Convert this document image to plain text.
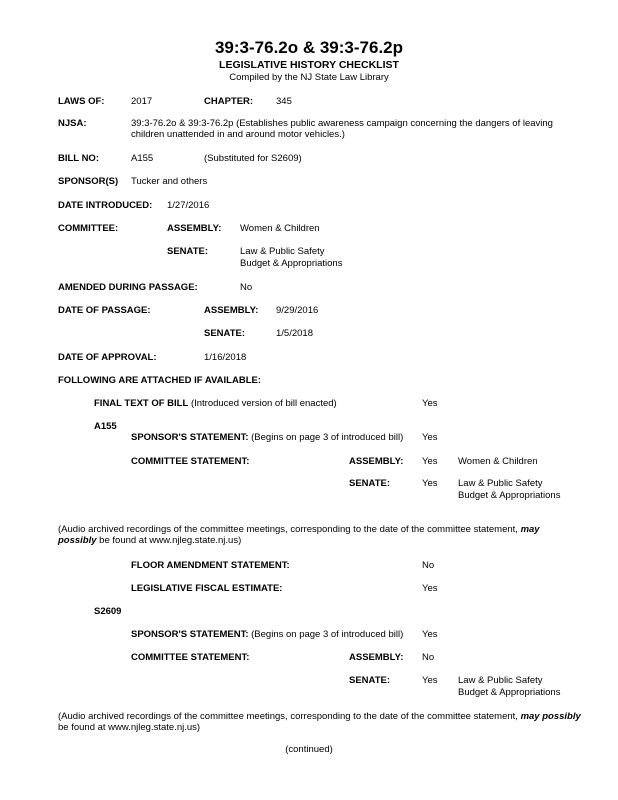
39:3-76.2o & 39:3-76.2p
LEGISLATIVE HISTORY CHECKLIST
Compiled by the NJ State Law Library
LAWS OF:	2017	CHAPTER: 345
NJSA:	39:3-76.2o & 39:3-76.2p (Establishes public awareness campaign concerning the dangers of leaving children unattended in and around motor vehicles.)
BILL NO:	A155	(Substituted for S2609)
SPONSOR(S) Tucker and others
DATE INTRODUCED: 1/27/2016
COMMITTEE:	ASSEMBLY: Women & Children
SENATE:	Law & Public Safety
Budget & Appropriations
AMENDED DURING PASSAGE:	No
DATE OF PASSAGE:	ASSEMBLY: 9/29/2016
SENATE:	1/5/2018
DATE OF APPROVAL:	1/16/2018
FOLLOWING ARE ATTACHED IF AVAILABLE:
FINAL TEXT OF BILL (Introduced version of bill enacted)	Yes
A155
SPONSOR'S STATEMENT: (Begins on page 3 of introduced bill) Yes
COMMITTEE STATEMENT:	ASSEMBLY: Yes Women & Children
SENATE:	Yes Law & Public Safety
Budget & Appropriations
(Audio archived recordings of the committee meetings, corresponding to the date of the committee statement, may possibly be found at www.njleg.state.nj.us)
FLOOR AMENDMENT STATEMENT:	No
LEGISLATIVE FISCAL ESTIMATE:	Yes
S2609
SPONSOR'S STATEMENT: (Begins on page 3 of introduced bill) Yes
COMMITTEE STATEMENT:	ASSEMBLY: No
SENATE:	Yes Law & Public Safety
Budget & Appropriations
(Audio archived recordings of the committee meetings, corresponding to the date of the committee statement, may possibly be found at www.njleg.state.nj.us)
(continued)
